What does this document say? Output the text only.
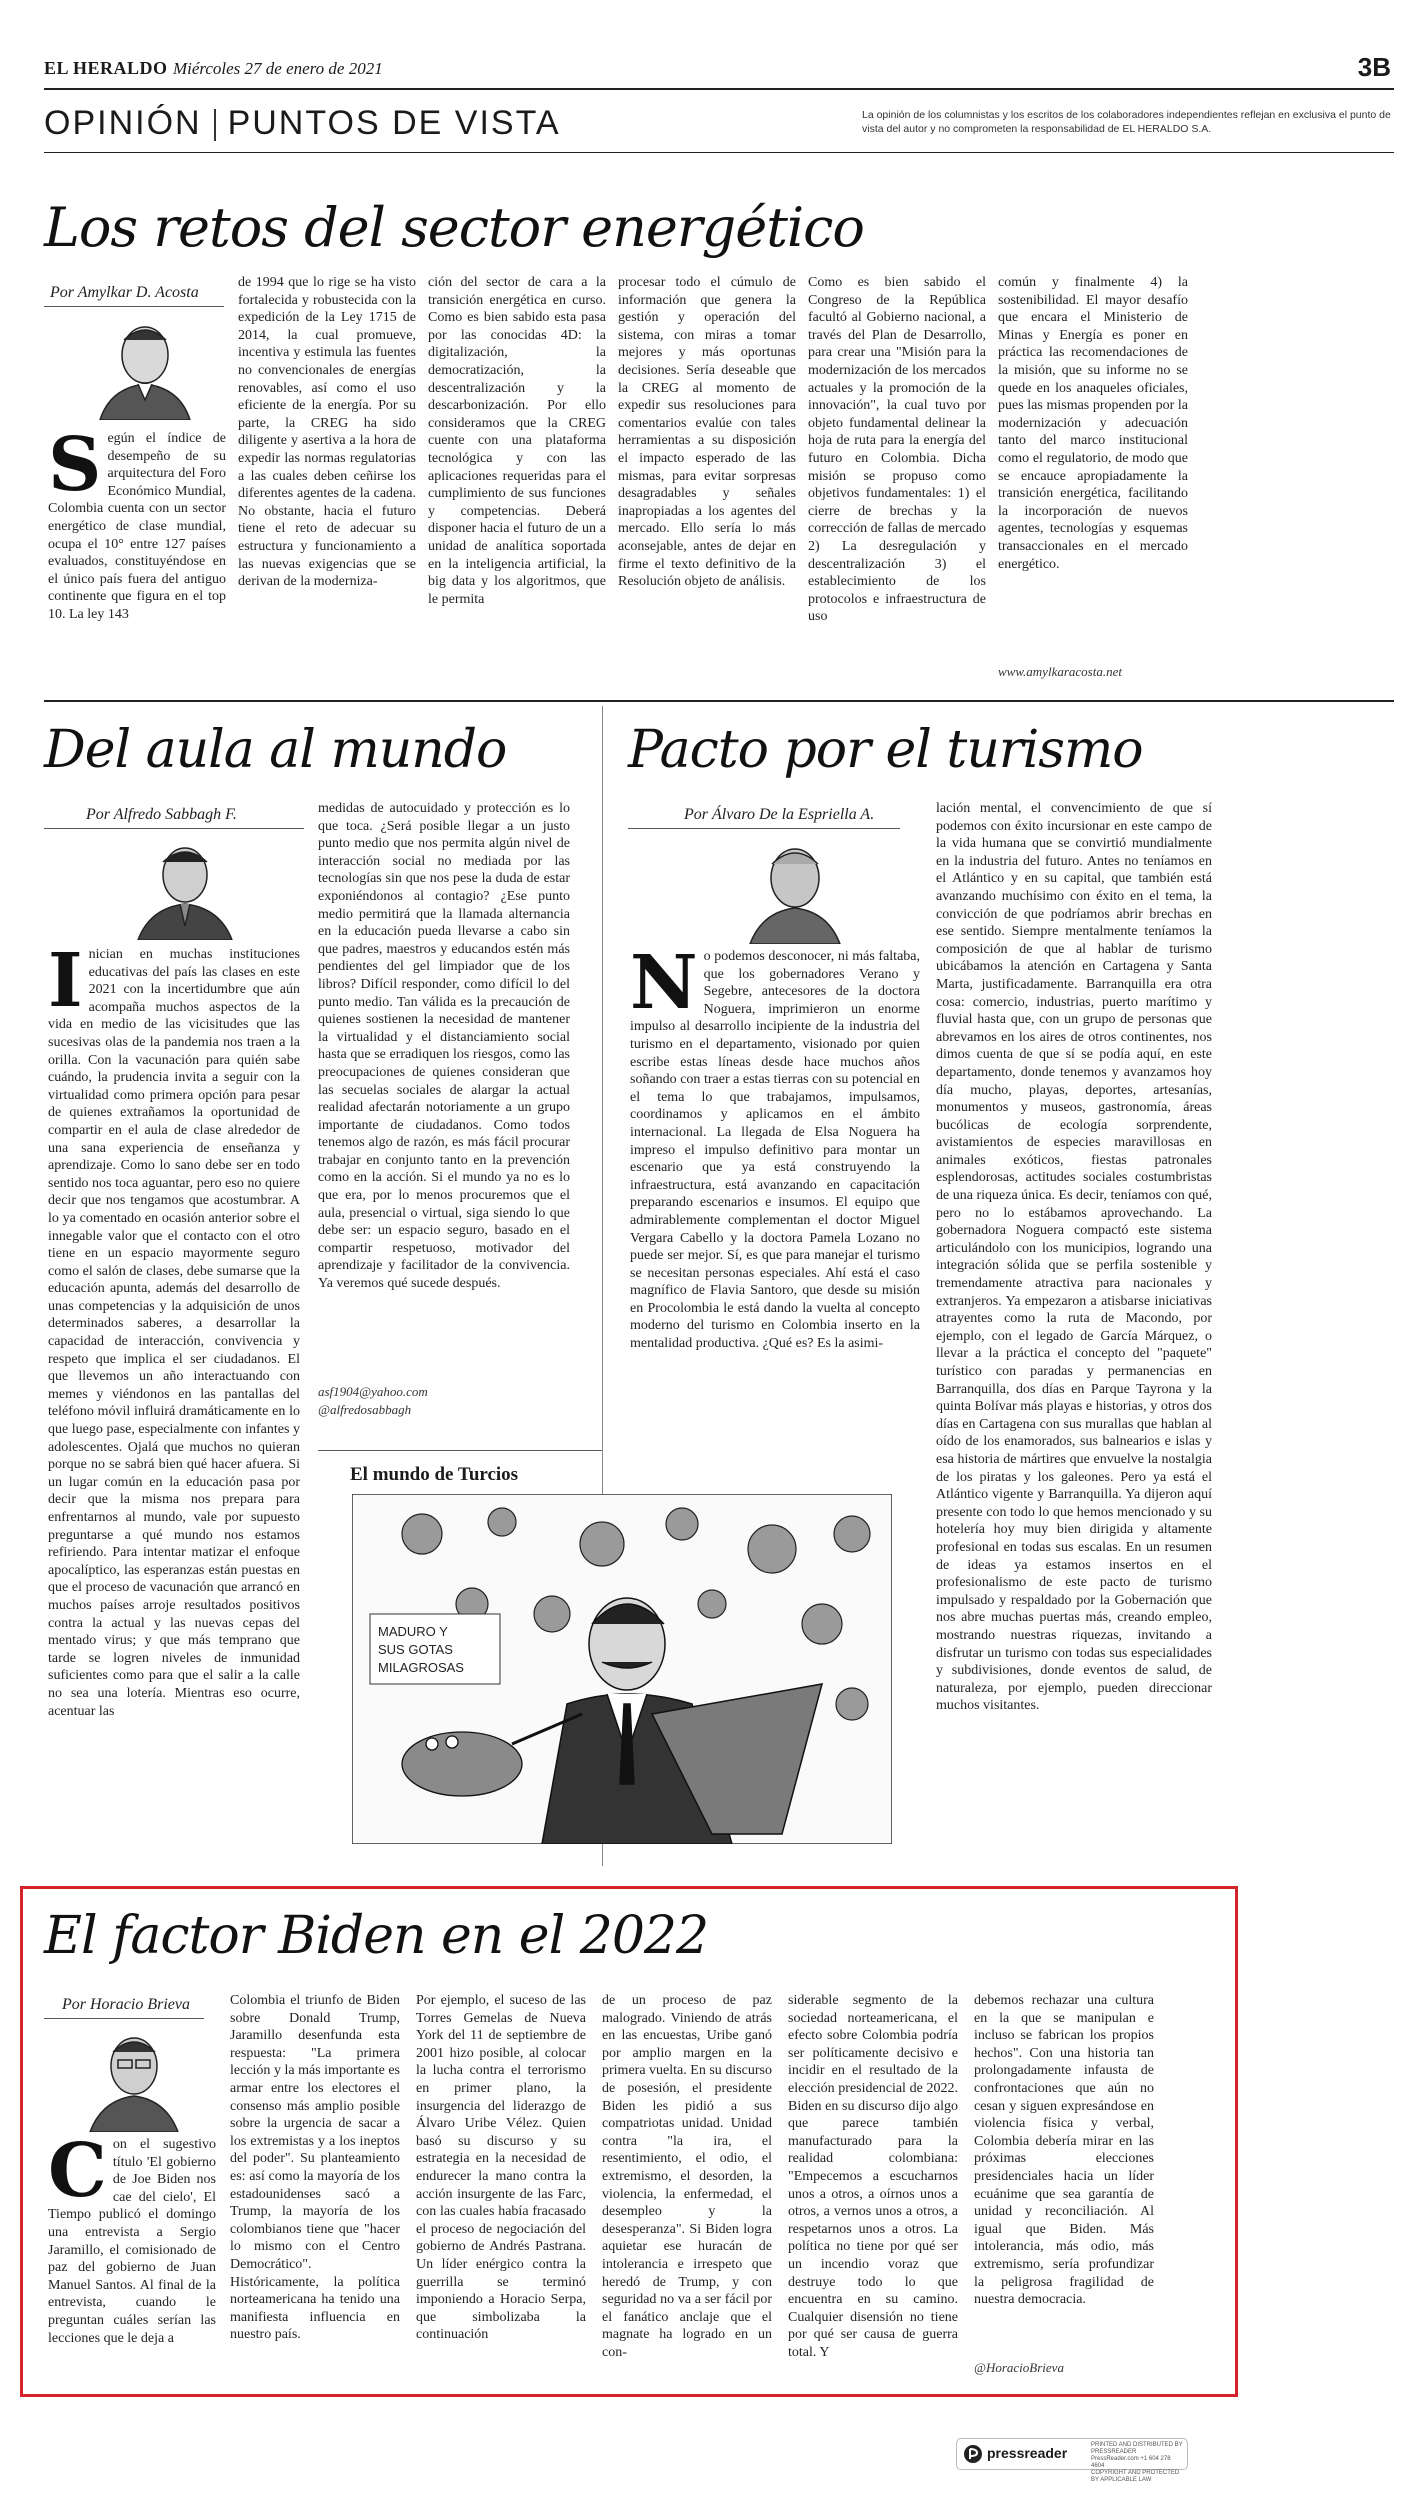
EL HERALDO Miércoles 27 de enero de 2021	3B
OPINIÓN PUNTOS DE VISTA	La opinión de los columnistas y los escritos de los colaboradores independientes reflejan en exclusiva el punto de vista del autor y no comprometen la responsabilidad de EL HERALDO S.A.
Los retos del sector energético
Por Amylkar D. Acosta
Según el índice de desempeño de su arquitectura del Foro Económico Mundial, Colombia cuenta con un sector energético de clase mundial, ocupa el 10° entre 127 países evaluados, constituyéndose en el único país fuera del antiguo continente que figura en el top 10. La ley 143
de 1994 que lo rige se ha visto fortalecida y robustecida con la expedición de la Ley 1715 de 2014, la cual promueve, incentiva y estimula las fuentes no convencionales de energías renovables, así como el uso eficiente de la energía. Por su parte, la CREG ha sido diligente y asertiva a la hora de expedir las normas regulatorias a las cuales deben ceñirse los diferentes agentes de la cadena. No obstante, hacia el futuro tiene el reto de adecuar su estructura y funcionamiento a las nuevas exigencias que se derivan de la moderniza-
ción del sector de cara a la transición energética en curso. Como es bien sabido esta pasa por las conocidas 4D: la digitalización, la democratización, la descentralización y la descarbonización. Por ello consideramos que la CREG cuente con una plataforma tecnológica y con las aplicaciones requeridas para el cumplimiento de sus funciones y competencias. Deberá disponer hacia el futuro de un a unidad de analítica soportada en la inteligencia artificial, la big data y los algoritmos, que le permita
procesar todo el cúmulo de información que genera la gestión y operación del sistema, con miras a tomar mejores y más oportunas decisiones. Sería deseable que la CREG al momento de expedir sus resoluciones para comentarios evalúe con tales herramientas a su disposición el impacto esperado de las mismas, para evitar sorpresas desagradables y señales inapropiadas a los agentes del mercado. Ello sería lo más aconsejable, antes de dejar en firme el texto definitivo de la Resolución objeto de análisis.
Como es bien sabido el Congreso de la República facultó al Gobierno nacional, a través del Plan de Desarrollo, para crear una "Misión para la modernización de los mercados actuales y la promoción de la innovación", la cual tuvo por objeto fundamental delinear la hoja de ruta para la energía del futuro en Colombia. Dicha misión se propuso como objetivos fundamentales: 1) el cierre de brechas y la corrección de fallas de mercado 2) La desregulación y descentralización 3) el establecimiento de los protocolos e infraestructura de uso
común y finalmente 4) la sostenibilidad. El mayor desafío que encara el Ministerio de Minas y Energía es poner en práctica las recomendaciones de la misión, que su informe no se quede en los anaqueles oficiales, pues las mismas propenden por la modernización y adecuación tanto del marco institucional como el regulatorio, de modo que se encauce apropiadamente la transición energética, facilitando la incorporación de nuevos agentes, tecnologías y esquemas transaccionales en el mercado energético.
www.amylkaracosta.net
Del aula al mundo
Por Alfredo Sabbagh F.
Inician en muchas instituciones educativas del país las clases en este 2021 con la incertidumbre que aún acompaña muchos aspectos de la vida en medio de las vicisitudes que las sucesivas olas de la pandemia nos traen a la orilla. Con la vacunación para quién sabe cuándo, la prudencia invita a seguir con la virtualidad como primera opción para pesar de quienes extrañamos la oportunidad de compartir en el aula de clase alrededor de una sana experiencia de enseñanza y aprendizaje. Como lo sano debe ser en todo sentido nos toca aguantar, pero eso no quiere decir que nos tengamos que acostumbrar. A lo ya comentado en ocasión anterior sobre el innegable valor que el contacto con el otro tiene en un espacio mayormente seguro como el salón de clases, debe sumarse que la educación apunta, además del desarrollo de unas competencias y la adquisición de unos determinados saberes, a desarrollar la capacidad de interacción, convivencia y respeto que implica el ser ciudadanos. El que llevemos un año interactuando con memes y viéndonos en las pantallas del teléfono móvil influirá dramáticamente en lo que luego pase, especialmente con infantes y adolescentes. Ojalá que muchos no quieran porque no se sabrá bien qué hacer afuera. Si un lugar común en la educación pasa por decir que la misma nos prepara para enfrentarnos al mundo, vale por supuesto preguntarse a qué mundo nos estamos refiriendo. Para intentar matizar el enfoque apocalíptico, las esperanzas están puestas en que el proceso de vacunación que arrancó en muchos países arroje resultados positivos contra la actual y las nuevas cepas del mentado virus; y que más temprano que tarde se logren niveles de inmunidad suficientes como para que el salir a la calle no sea una lotería. Mientras eso ocurre, acentuar las
medidas de autocuidado y protección es lo que toca. ¿Será posible llegar a un justo punto medio que nos permita algún nivel de interacción social no mediada por las tecnologías sin que nos pese la duda de estar exponiéndonos al contagio? ¿Ese punto medio permitirá que la llamada alternancia en la educación pueda llevarse a cabo sin que padres, maestros y educandos estén más pendientes del gel limpiador que de los libros? Difícil responder, como difícil lo del punto medio. Tan válida es la precaución de quienes sostienen la necesidad de mantener la virtualidad y el distanciamiento social hasta que se erradiquen los riesgos, como las preocupaciones de quienes consideran que las secuelas sociales de alargar la actual realidad afectarán notoriamente a un grupo importante de ciudadanos. Como todos tenemos algo de razón, es más fácil procurar trabajar en conjunto tanto en la prevención como en la acción. Si el mundo ya no es lo que era, por lo menos procuremos que el aula, presencial o virtual, siga siendo lo que debe ser: un espacio seguro, basado en el compartir respetuoso, motivador del aprendizaje y facilitador de la convivencia. Ya veremos qué sucede después.
asf1904@yahoo.com
@alfredosabbagh
El mundo de Turcios
MADURO Y
SUS GOTAS
MILAGROSAS
Pacto por el turismo
Por Álvaro De la Espriella A.
No podemos desconocer, ni más faltaba, que los gobernadores Verano y Segebre, antecesores de la doctora Noguera, imprimieron un enorme impulso al desarrollo incipiente de la industria del turismo en el departamento, visionado por quien escribe estas líneas desde hace muchos años soñando con traer a estas tierras con su potencial en el tema lo que trabajamos, impulsamos, coordinamos y aplicamos en el ámbito internacional. La llegada de Elsa Noguera ha impreso el impulso definitivo para montar un escenario que ya está construyendo la infraestructura, está avanzando en capacitación preparando escenarios e insumos. El equipo que admirablemente complementan el doctor Miguel Vergara Cabello y la doctora Pamela Lozano no puede ser mejor. Sí, es que para manejar el turismo se necesitan personas especiales. Ahí está el caso magnífico de Flavia Santoro, que desde su misión en Procolombia le está dando la vuelta al concepto moderno del turismo en Colombia inserto en la mentalidad productiva. ¿Qué es? Es la asimi-
lación mental, el convencimiento de que sí podemos con éxito incursionar en este campo de la vida humana que se convirtió mundialmente en la industria del futuro. Antes no teníamos en el Atlántico y en su capital, que también está avanzando muchísimo con éxito en el tema, la convicción de que podríamos abrir brechas en ese sentido. Siempre mentalmente teníamos la composición de que al hablar de turismo ubicábamos la atención en Cartagena y Santa Marta, justificadamente. Barranquilla era otra cosa: comercio, industrias, puerto marítimo y fluvial hasta que, con un grupo de personas que abrevamos en los aires de otros continentes, nos dimos cuenta de que sí se podía aquí, en este departamento, donde tenemos y avanzamos hoy día mucho, playas, deportes, artesanías, monumentos y museos, gastronomía, áreas bucólicas de ecología sorprendente, avistamientos de especies maravillosas en animales exóticos, fiestas patronales esplendorosas, actitudes sociales costumbristas de una riqueza única. Es decir, teníamos con qué, pero no lo estábamos aprovechando. La gobernadora Noguera compactó este sistema articulándolo con los municipios, logrando una integración sólida que se perfila sostenible y tremendamente atractiva para nacionales y extranjeros. Ya empezaron a atisbarse iniciativas atrayentes como la ruta de Macondo, por ejemplo, con el legado de García Márquez, o llevar a la práctica el concepto del "paquete" turístico con paradas y permanencias en Barranquilla, dos días en Parque Tayrona y la quinta Bolívar más playas e historias, y otros dos días en Cartagena con sus murallas que hablan al oído de los enamorados, sus balnearios e islas y esa historia de mártires que envuelve la nostalgia de los piratas y los galeones. Pero ya está el Atlántico vigente y Barranquilla. Ya dijeron aquí presente con todo lo que hemos mencionado y su hotelería hoy muy bien dirigida y altamente profesional en todas sus escalas. En un resumen de ideas ya estamos insertos en el profesionalismo de este pacto de turismo impulsado y respaldado por la Gobernación que nos abre muchas puertas más, creando empleo, mostrando nuestras riquezas, invitando a disfrutar un turismo con todas sus especialidades y subdivisiones, donde eventos de salud, de naturaleza, por ejemplo, pueden direccionar muchos visitantes.
El factor Biden en el 2022
Por Horacio Brieva
Con el sugestivo título 'El gobierno de Joe Biden nos cae del cielo', El Tiempo publicó el domingo una entrevista a Sergio Jaramillo, el comisionado de paz del gobierno de Juan Manuel Santos. Al final de la entrevista, cuando le preguntan cuáles serían las lecciones que le deja a
Colombia el triunfo de Biden sobre Donald Trump, Jaramillo desenfunda esta respuesta: "La primera lección y la más importante es armar entre los electores el consenso más amplio posible sobre la urgencia de sacar a los extremistas y a los ineptos del poder". Su planteamiento es: así como la mayoría de los estadounidenses sacó a Trump, la mayoría de los colombianos tiene que "hacer lo mismo con el Centro Democrático". Históricamente, la política norteamericana ha tenido una manifiesta influencia en nuestro país.
Por ejemplo, el suceso de las Torres Gemelas de Nueva York del 11 de septiembre de 2001 hizo posible, al colocar la lucha contra el terrorismo en primer plano, la insurgencia del liderazgo de Álvaro Uribe Vélez. Quien basó su discurso y su estrategia en la necesidad de endurecer la mano contra la acción insurgente de las Farc, con las cuales había fracasado el proceso de negociación del gobierno de Andrés Pastrana. Un líder enérgico contra la guerrilla se terminó imponiendo a Horacio Serpa, que simbolizaba la continuación
de un proceso de paz malogrado. Viniendo de atrás en las encuestas, Uribe ganó por amplio margen en la primera vuelta. En su discurso de posesión, el presidente Biden les pidió a sus compatriotas unidad. Unidad contra "la ira, el resentimiento, el odio, el extremismo, el desorden, la violencia, la enfermedad, el desempleo y la desesperanza". Si Biden logra aquietar ese huracán de intolerancia e irrespeto que heredó de Trump, y con seguridad no va a ser fácil por el fanático anclaje que el magnate ha logrado en un con-
siderable segmento de la sociedad norteamericana, el efecto sobre Colombia podría ser políticamente decisivo e incidir en el resultado de la elección presidencial de 2022. Biden en su discurso dijo algo que parece también manufacturado para la realidad colombiana: "Empecemos a escucharnos unos a otros, a oírnos unos a otros, a vernos unos a otros, a respetarnos unos a otros. La política no tiene por qué ser un incendio voraz que destruye todo lo que encuentra en su camino. Cualquier disensión no tiene por qué ser causa de guerra total. Y
debemos rechazar una cultura en la que se manipulan e incluso se fabrican los propios hechos". Con una historia tan prolongadamente infausta de confrontaciones que aún no cesan y siguen expresándose en violencia física y verbal, Colombia debería mirar en las próximas elecciones presidenciales hacia un líder ecuánime que sea garantía de unidad y reconciliación. Al igual que Biden. Más intolerancia, más odio, más extremismo, sería profundizar la peligrosa fragilidad de nuestra democracia.
@HoracioBrieva
pressreader	PRINTED AND DISTRIBUTED BY PRESSREADER
PressReader.com +1 604 278 4604
COPYRIGHT AND PROTECTED BY APPLICABLE LAW
